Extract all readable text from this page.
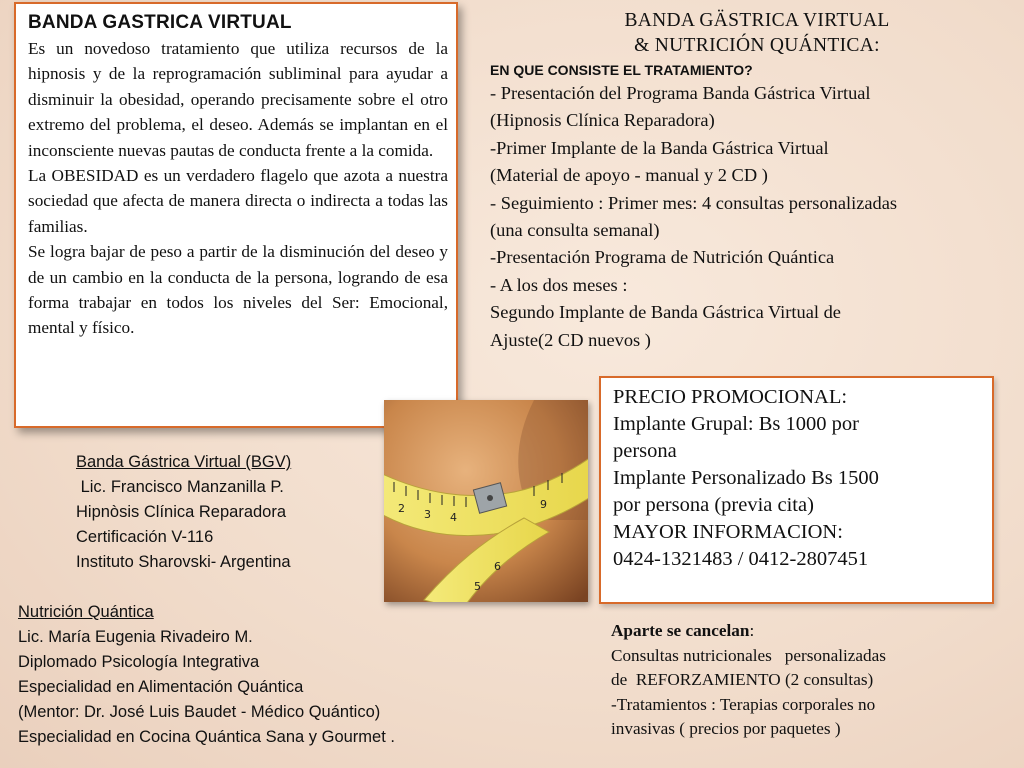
BANDA GASTRICA VIRTUAL

Es un novedoso tratamiento que utiliza recursos de la hipnosis y de la reprogramación subliminal para ayudar a disminuir la obesidad, operando precisamente sobre el otro extremo del problema, el deseo. Además se implantan en el inconsciente nuevas pautas de conducta frente a la comida.

La OBESIDAD es un verdadero flagelo que azota a nuestra sociedad que afecta de manera directa o indirecta a todas las familias.

Se logra bajar de peso a partir de la disminución del deseo y de un cambio en la conducta de la persona, logrando de esa forma trabajar en todos los niveles del Ser: Emocional, mental y físico.

BANDA GÄSTRICA VIRTUAL
& NUTRICIÓN QUÁNTICA:
EN QUE CONSISTE EL TRATAMIENTO?
- Presentación del Programa Banda Gástrica Virtual
(Hipnosis Clínica Reparadora)
-Primer Implante de la Banda Gástrica Virtual
(Material de apoyo - manual y 2 CD )
- Seguimiento : Primer mes: 4 consultas personalizadas
(una consulta semanal)
-Presentación Programa de Nutrición Quántica
- A los dos meses :
Segundo Implante de Banda Gástrica Virtual de
Ajuste(2 CD nuevos )
2 3 4
9
5
6
PRECIO PROMOCIONAL:
Implante Grupal: Bs 1000 por
persona
Implante Personalizado Bs 1500
por persona (previa cita)
MAYOR INFORMACION:
0424-1321483 / 0412-2807451
Banda Gástrica Virtual (BGV)
Lic. Francisco Manzanilla P.
Hipnòsis Clínica Reparadora
Certificación V-116
Instituto Sharovski- Argentina
Nutrición Quántica
Lic. María Eugenia Rivadeiro M.
Diplomado Psicología Integrativa
Especialidad en Alimentación Quántica
(Mentor: Dr. José Luis Baudet - Médico Quántico)
Especialidad en Cocina Quántica Sana y Gourmet .
Aparte se cancelan:
Consultas nutricionales   personalizadas
de  REFORZAMIENTO (2 consultas)
-Tratamientos : Terapias corporales no
invasivas ( precios por paquetes )
